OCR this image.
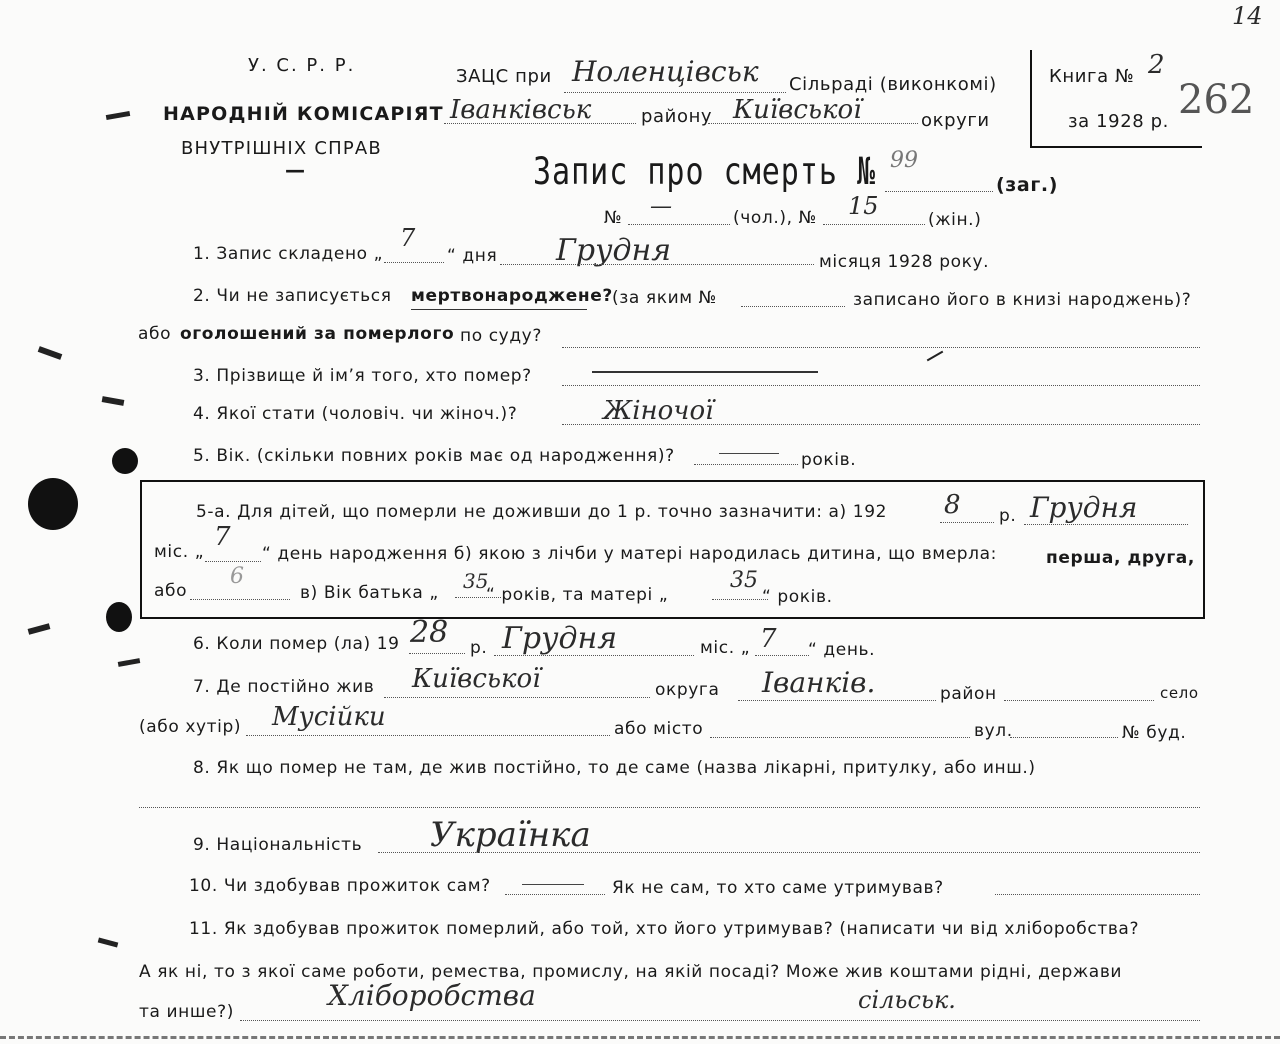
У. С. Р. Р.
НАРОДНІЙ КОМІСАРІЯТ
ВНУТРІШНІХ СПРАВ
—
ЗАЦС при Ноленцівськ Сільраді (виконкомі)
Іванківськ	району Київської	округи
Книга № 2
за 1928 р. 262
14
Запис про смерть № 99
(заг.)
№ —	(чол.), № 15	(жін.)
1. Запис складено „
7
“ дня Грудня	місяця 1928 року.
2. Чи не записується мертвонароджене? (за яким №	записано його в книзі народжень)?
або оголошений за померлого по суду?
3. Прізвище й ім’я того, хто помер?
4. Якої стати (чоловіч. чи жіноч.)?	Жіночої
5. Вік. (скільки повних років має од народження)?	років.
5-а. Для дітей, що померли не доживши до 1 р. точно зазначити: а) 192 8 р. Грудня
міс. „ 7
“ день народження б) якою з лічби у матері народилась дитина, що вмерла:	перша, друга,
або
6
в) Вік батька „ 35
“ років, та матері „
35
“ років.
6. Коли помер (ла) 19 28 р. Грудня	міс. „ 7 “ день.
7. Де постійно жив Київської	округа Іванків.	район	село
(або хутір) Мусійки	або місто	вул.	№ буд.
8. Як що помер не там, де жив постійно, то де саме (назва лікарні, притулку, або инш.)
9. Національність Українка
10. Чи здобував прожиток сам?	Як не сам, то хто саме утримував?
11. Як здобував прожиток померлий, або той, хто його утримував? (написати чи від хліборобства?
А як ні, то з якої саме роботи, ремества, промислу, на якій посаді? Може жив коштами рідні, держави
та инше?)	Хліборобства	сільськ.
